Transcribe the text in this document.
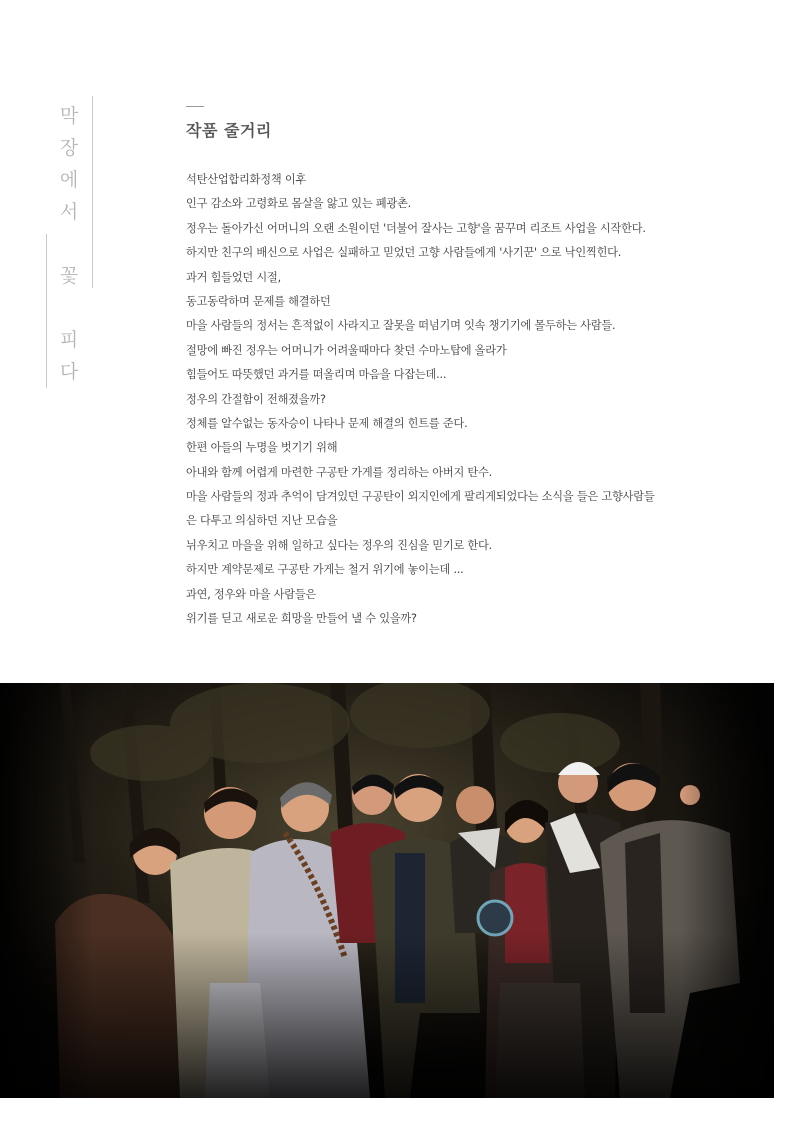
막
장
에
서
꽃
피
다
작품 줄거리
석탄산업합리화정책 이후
인구 감소와 고령화로 몸살을 앓고 있는 폐광촌.
정우는 돌아가신 어머니의 오랜 소원이던 '더불어 잘사는 고향'을 꿈꾸며 리조트 사업을 시작한다.
하지만 친구의 배신으로 사업은 실패하고 믿었던 고향 사람들에게 '사기꾼' 으로 낙인찍힌다.
과거 힘들었던 시절,
동고동락하며 문제를 해결하던
마을 사람들의 정서는 흔적없이 사라지고 잘못을 떠넘기며 잇속 챙기기에 몰두하는 사람들.
절망에 빠진 정우는 어머니가 어려울때마다 찾던 수마노탑에 올라가
힘들어도 따뜻했던 과거를 떠올리며 마음을 다잡는데...
정우의 간절함이 전해졌을까?
정체를 알수없는 동자승이 나타나 문제 해결의 힌트를 준다.
한편 아들의 누명을 벗기기 위해
아내와 함께 어렵게 마련한 구공탄 가게를 정리하는 아버지 탄수.
마을 사람들의 정과 추억이 담겨있던 구공탄이 외지인에게 팔리게되었다는 소식을 들은 고향사람들
은 다투고 의심하던 지난 모습을
뉘우치고 마을을 위해 일하고 싶다는 정우의 진심을 믿기로 한다.
하지만 계약문제로 구공탄 가게는 철거 위기에 놓이는데 ...
과연, 정우와 마을 사람들은
위기를 딛고 새로운 희망을 만들어 낼 수 있을까?
